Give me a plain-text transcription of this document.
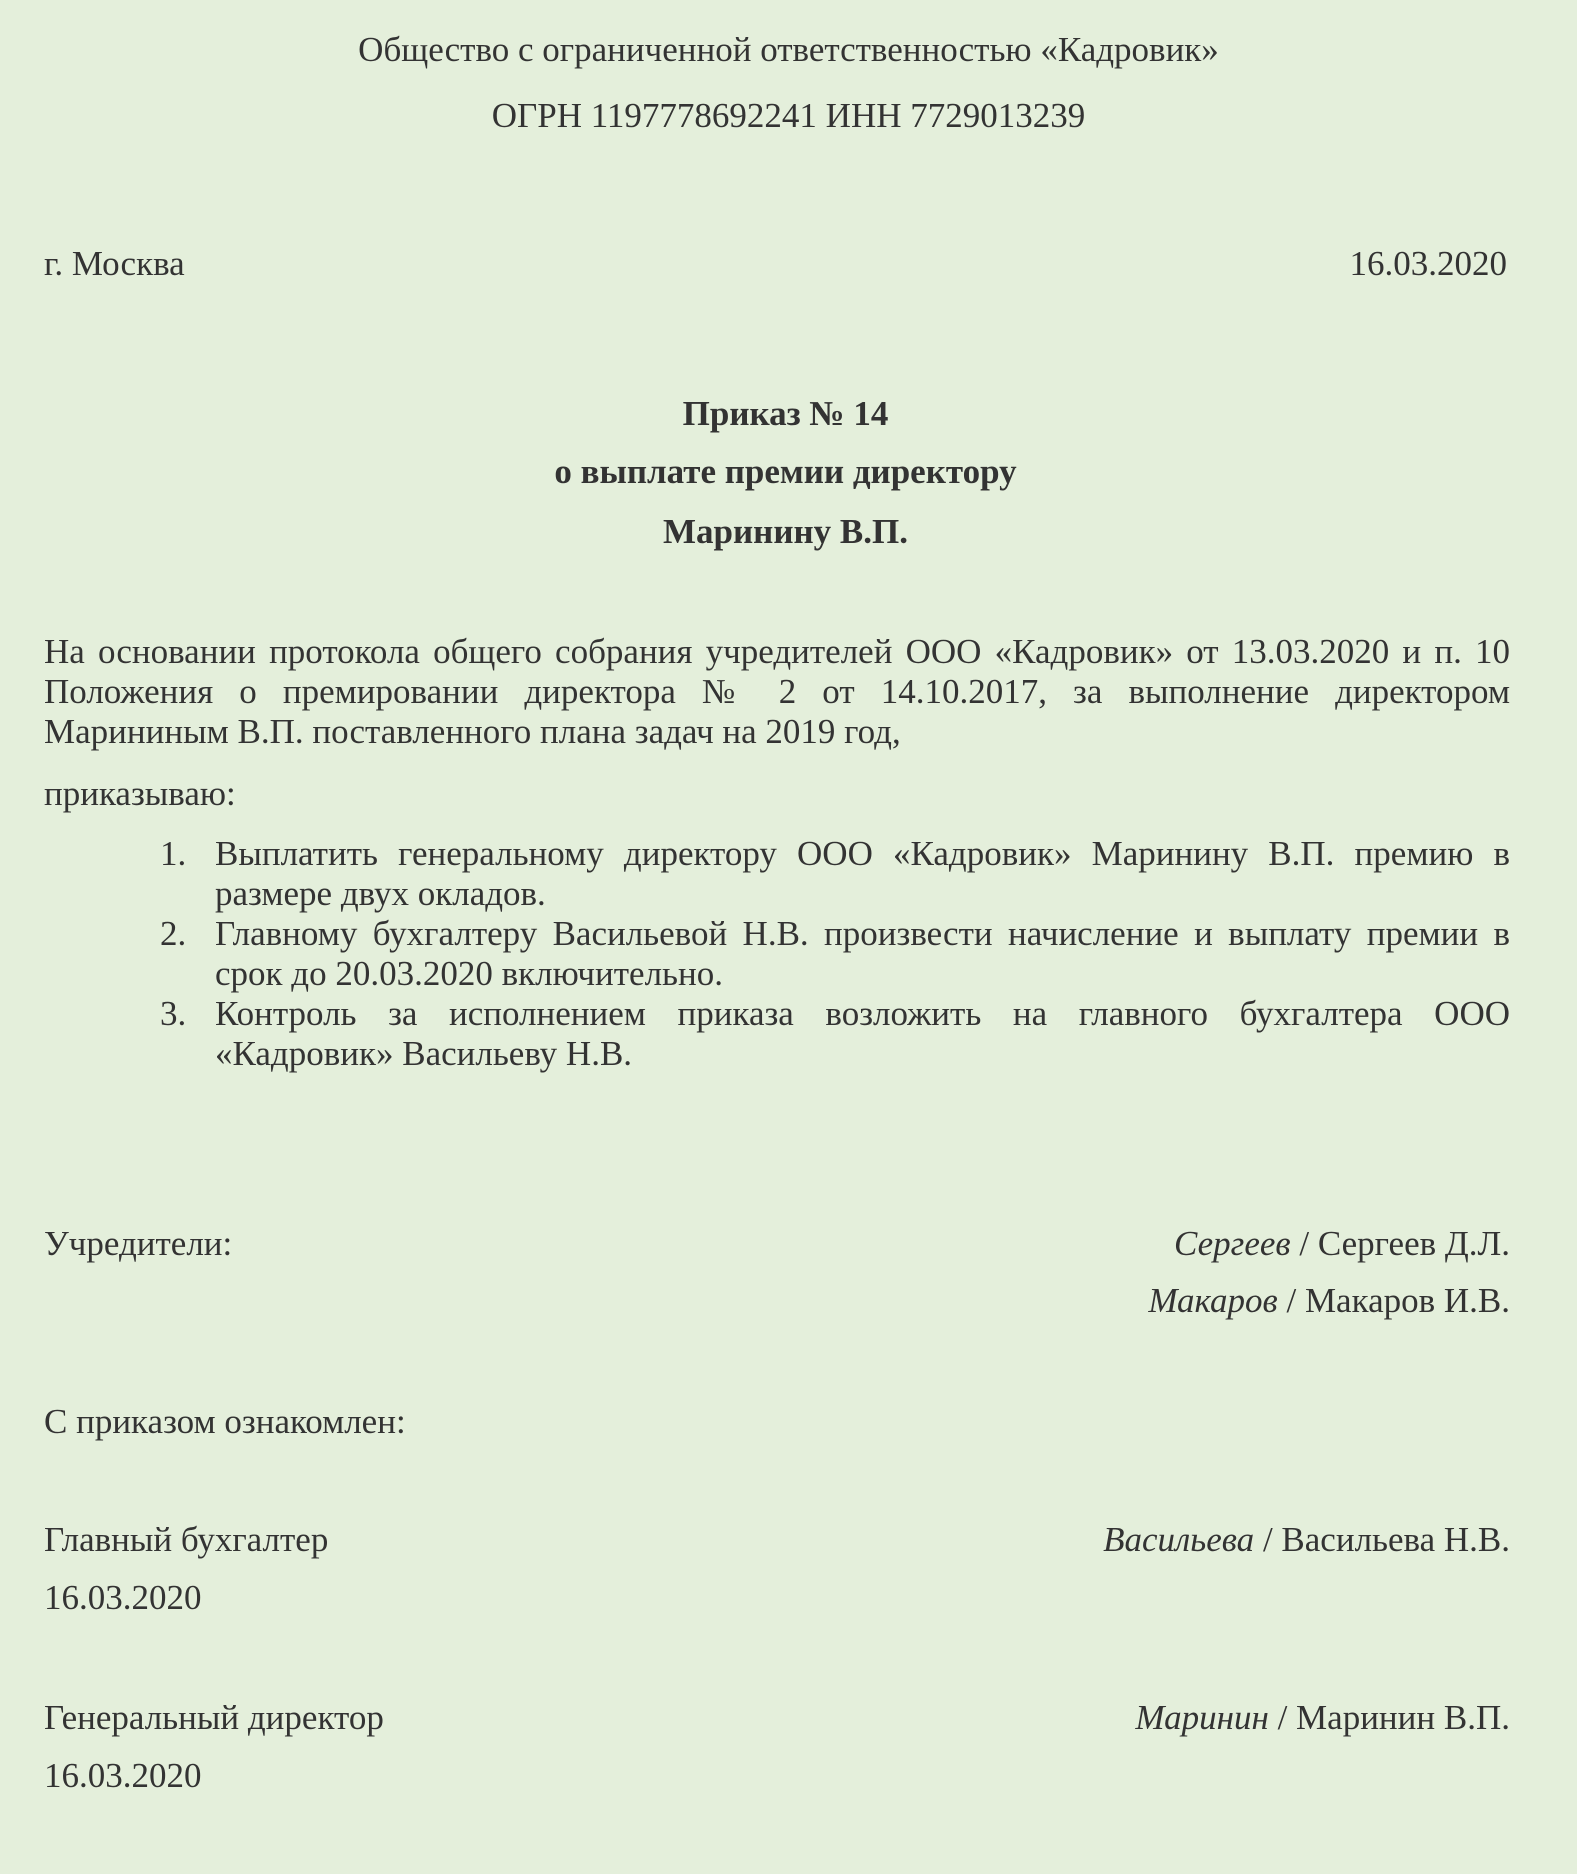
Общество с ограниченной ответственностью «Кадровик»
ОГРН 1197778692241 ИНН 7729013239
г. Москва	16.03.2020
Приказ № 14
о выплате премии директору
Маринину В.П.
На основании протокола общего собрания учредителей ООО «Кадровик» от 13.03.2020 и п. 10 Положения о премировании директора № 2 от 14.10.2017, за выполнение директором Марининым В.П. поставленного плана задач на 2019 год,
приказываю:
1. Выплатить генеральному директору ООО «Кадровик» Маринину В.П. премию в размере двух окладов.
2. Главному бухгалтеру Васильевой Н.В. произвести начисление и выплату премии в срок до 20.03.2020 включительно.
3. Контроль за исполнением приказа возложить на главного бухгалтера ООО «Кадровик» Васильеву Н.В.
Учредители:	Сергеев / Сергеев Д.Л.
Макаров / Макаров И.В.
С приказом ознакомлен:
Главный бухгалтер	Васильева / Васильева Н.В.
16.03.2020
Генеральный директор	Маринин / Маринин В.П.
16.03.2020
